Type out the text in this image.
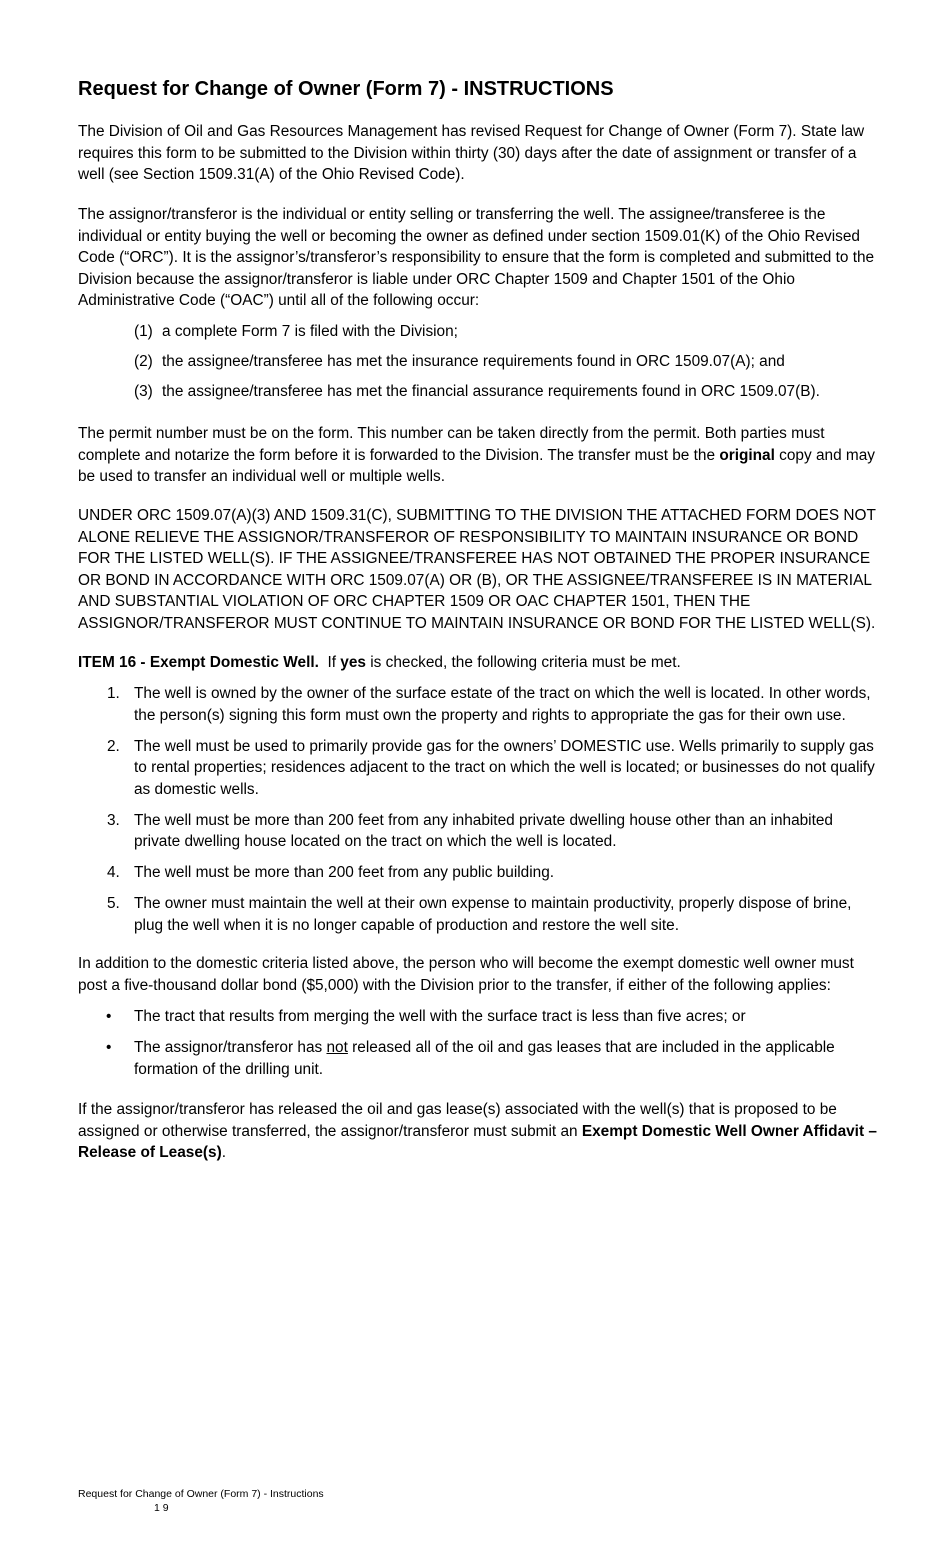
Request for Change of Owner (Form 7) - INSTRUCTIONS

The Division of Oil and Gas Resources Management has revised Request for Change of Owner (Form 7). State law requires this form to be submitted to the Division within thirty (30) days after the date of assignment or transfer of a well (see Section 1509.31(A) of the Ohio Revised Code).

The assignor/transferor is the individual or entity selling or transferring the well. The assignee/transferee is the individual or entity buying the well or becoming the owner as defined under section 1509.01(K) of the Ohio Revised Code (“ORC”). It is the assignor’s/transferor’s responsibility to ensure that the form is completed and submitted to the Division because the assignor/transferor is liable under ORC Chapter 1509 and Chapter 1501 of the Ohio Administrative Code (“OAC”) until all of the following occur:

(1) a complete Form 7 is filed with the Division;
(2) the assignee/transferee has met the insurance requirements found in ORC 1509.07(A); and
(3) the assignee/transferee has met the financial assurance requirements found in ORC 1509.07(B).

The permit number must be on the form. This number can be taken directly from the permit. Both parties must complete and notarize the form before it is forwarded to the Division. The transfer must be the original copy and may be used to transfer an individual well or multiple wells.

UNDER ORC 1509.07(A)(3) AND 1509.31(C), SUBMITTING TO THE DIVISION THE ATTACHED FORM DOES NOT ALONE RELIEVE THE ASSIGNOR/TRANSFEROR OF RESPONSIBILITY TO MAINTAIN INSURANCE OR BOND FOR THE LISTED WELL(S). IF THE ASSIGNEE/TRANSFEREE HAS NOT OBTAINED THE PROPER INSURANCE OR BOND IN ACCORDANCE WITH ORC 1509.07(A) OR (B), OR THE ASSIGNEE/TRANSFEREE IS IN MATERIAL AND SUBSTANTIAL VIOLATION OF ORC CHAPTER 1509 OR OAC CHAPTER 1501, THEN THE ASSIGNOR/TRANSFEROR MUST CONTINUE TO MAINTAIN INSURANCE OR BOND FOR THE LISTED WELL(S).

ITEM 16 - Exempt Domestic Well. If yes is checked, the following criteria must be met.

1. The well is owned by the owner of the surface estate of the tract on which the well is located. In other words, the person(s) signing this form must own the property and rights to appropriate the gas for their own use.
2. The well must be used to primarily provide gas for the owners’ DOMESTIC use. Wells primarily to supply gas to rental properties; residences adjacent to the tract on which the well is located; or businesses do not qualify as domestic wells.
3. The well must be more than 200 feet from any inhabited private dwelling house other than an inhabited private dwelling house located on the tract on which the well is located.
4. The well must be more than 200 feet from any public building.
5. The owner must maintain the well at their own expense to maintain productivity, properly dispose of brine, plug the well when it is no longer capable of production and restore the well site.

In addition to the domestic criteria listed above, the person who will become the exempt domestic well owner must post a five-thousand dollar bond ($5,000) with the Division prior to the transfer, if either of the following applies:

• The tract that results from merging the well with the surface tract is less than five acres; or
• The assignor/transferor has not released all of the oil and gas leases that are included in the applicable formation of the drilling unit.

If the assignor/transferor has released the oil and gas lease(s) associated with the well(s) that is proposed to be assigned or otherwise transferred, the assignor/transferor must submit an Exempt Domestic Well Owner Affidavit – Release of Lease(s).

Request for Change of Owner (Form 7) - Instructions
1 9
